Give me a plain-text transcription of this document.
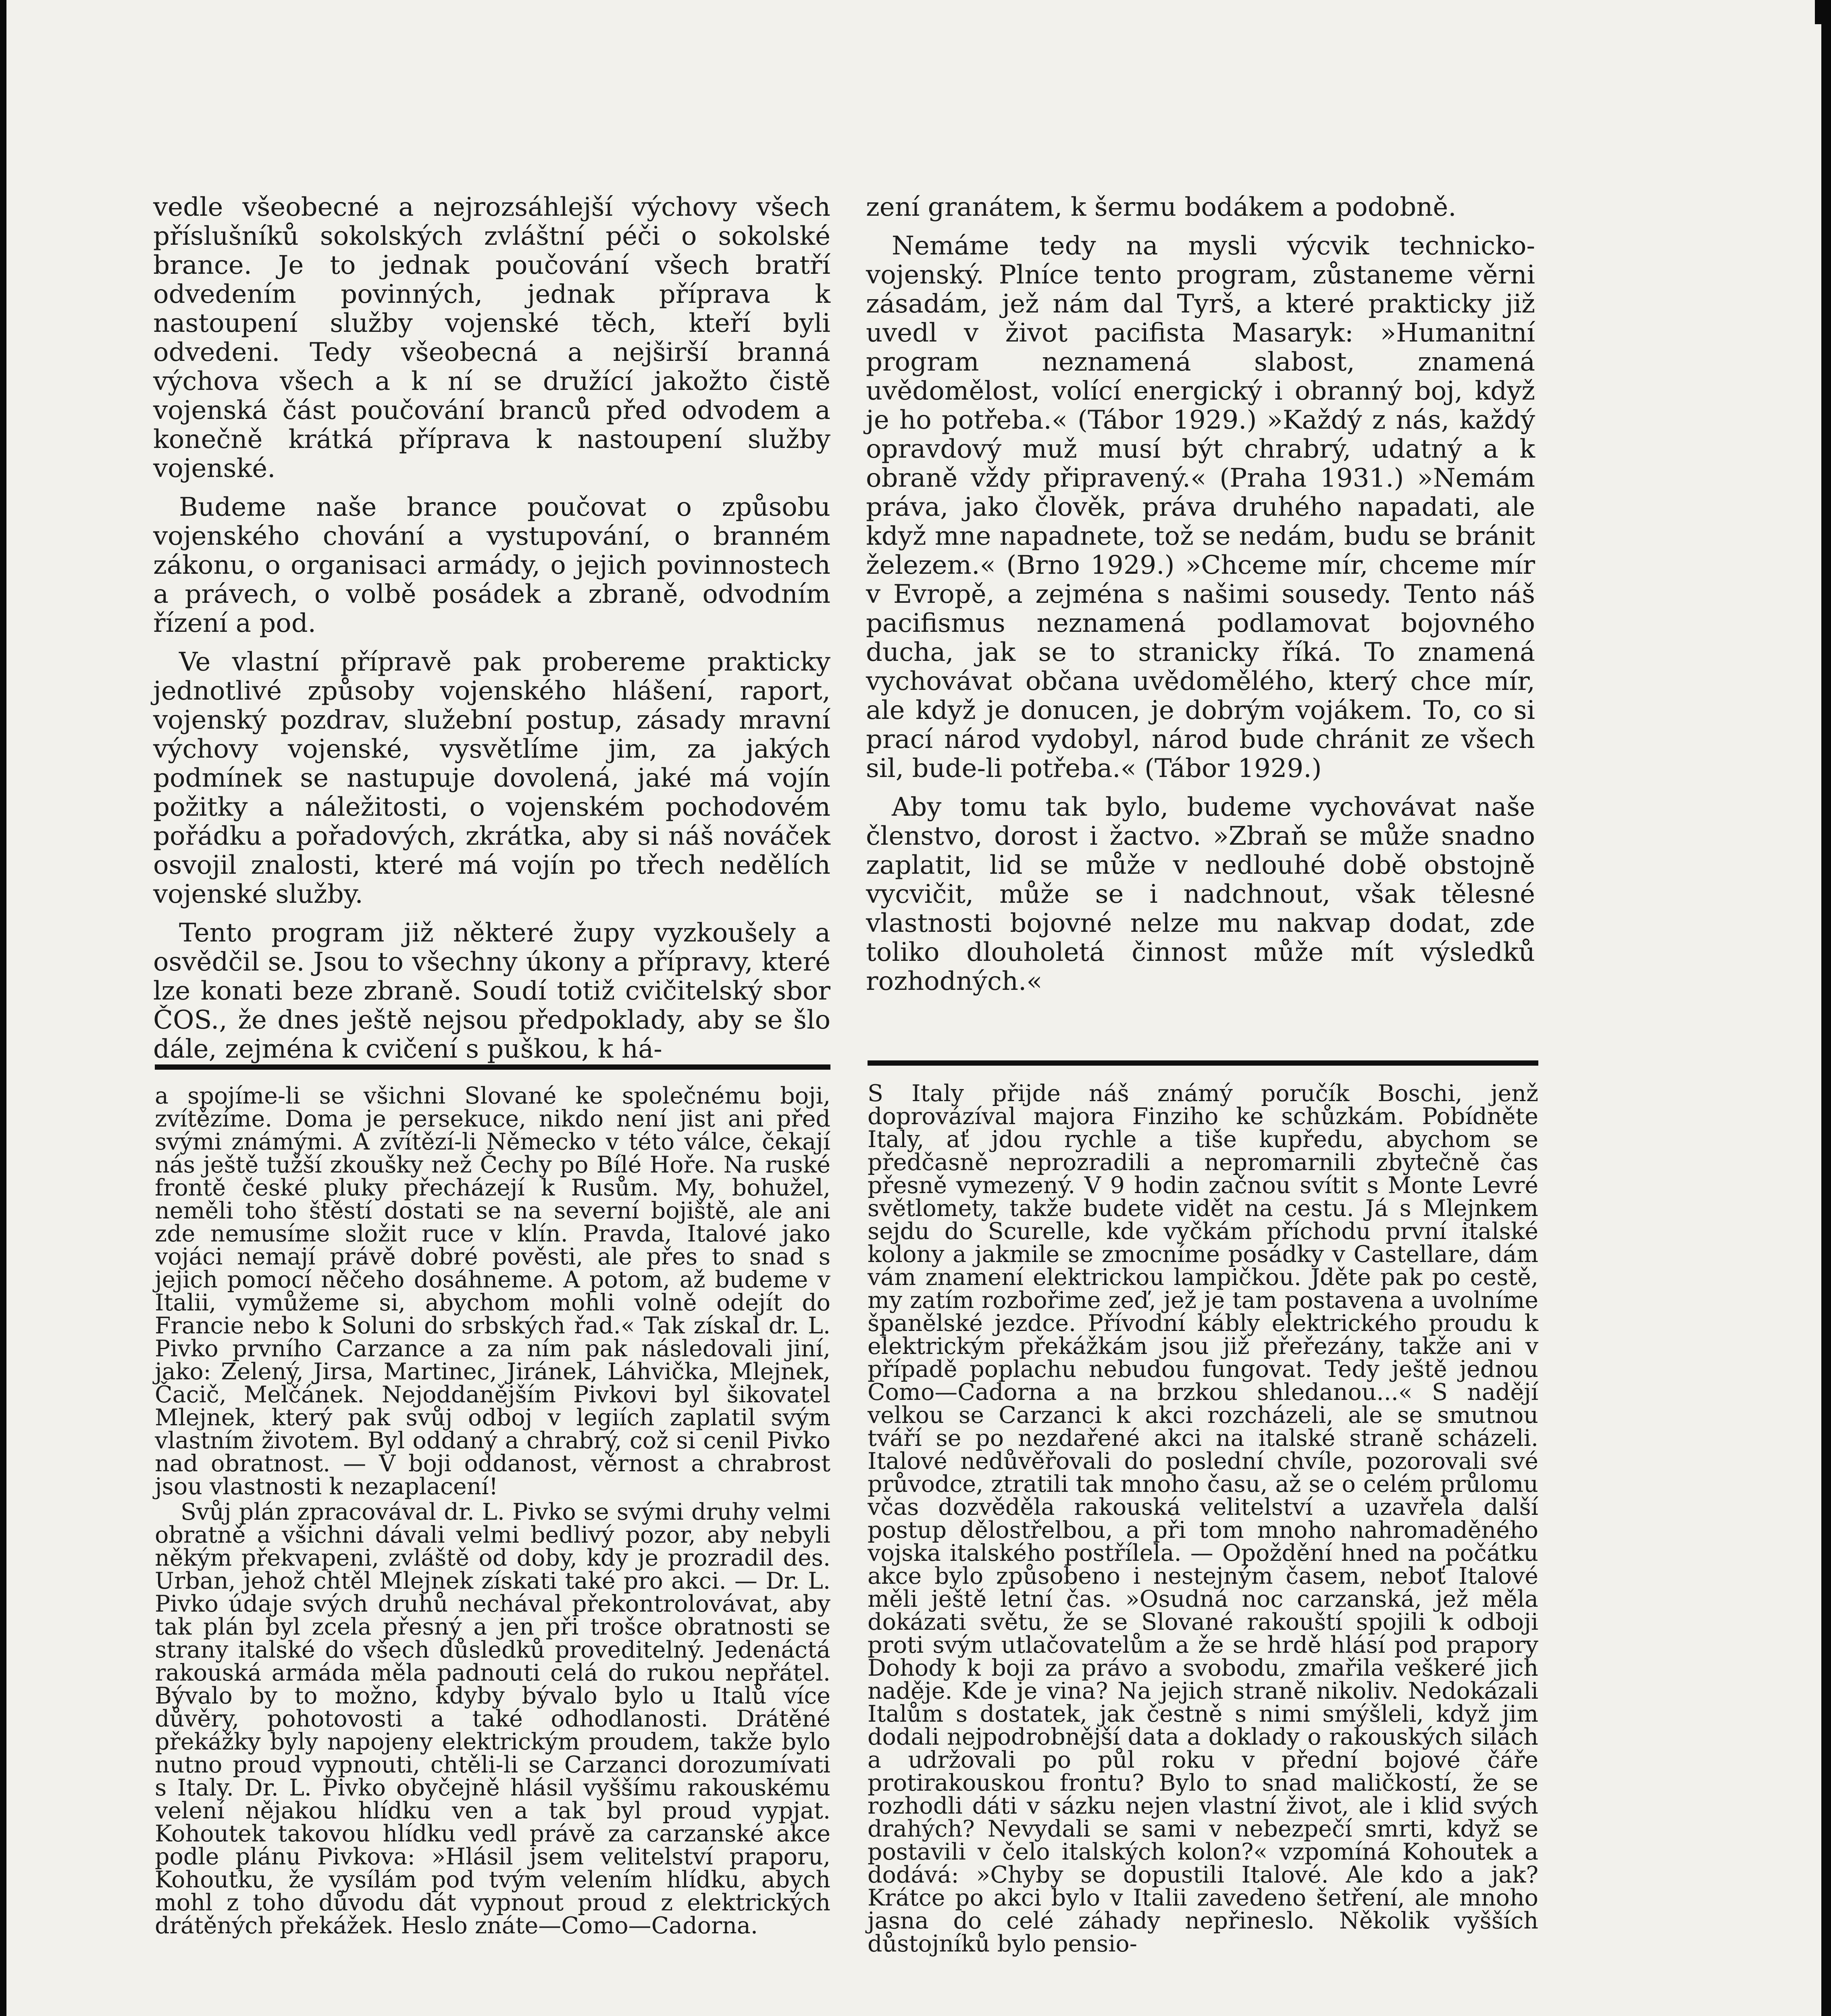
vedle všeobecné a nejrozsáhlejší výchovy všech příslušníků sokolských zvláštní péči o sokolské brance. Je to jednak poučování všech bratří odvedením povinných, jednak příprava k nastoupení služby vojenské těch, kteří byli odvedeni. Tedy všeobecná a nejširší branná výchova všech a k ní se družící jakožto čistě vojenská část poučování branců před odvodem a konečně krátká příprava k nastoupení služby vojenské.

Budeme naše brance poučovat o způsobu vojenského chování a vystupování, o branném zákonu, o organisaci armády, o jejich povinnostech a právech, o volbě posádek a zbraně, odvodním řízení a pod.

Ve vlastní přípravě pak probereme prakticky jednotlivé způsoby vojenského hlášení, raport, vojenský pozdrav, služební postup, zásady mravní výchovy vojenské, vysvětlíme jim, za jakých podmínek se nastupuje dovolená, jaké má vojín požitky a náležitosti, o vojenském pochodovém pořádku a pořadových, zkrátka, aby si náš nováček osvojil znalosti, které má vojín po třech nedělích vojenské služby.

Tento program již některé župy vyzkoušely a osvědčil se. Jsou to všechny úkony a přípravy, které lze konati beze zbraně. Soudí totiž cvičitelský sbor ČOS., že dnes ještě nejsou předpoklady, aby se šlo dále, zejména k cvičení s puškou, k há-

zení granátem, k šermu bodákem a podobně.

Nemáme tedy na mysli výcvik technicko-vojenský. Plníce tento program, zůstaneme věrni zásadám, jež nám dal Tyrš, a které prakticky již uvedl v život pacifista Masaryk: »Humanitní program neznamená slabost, znamená uvědomělost, volící energický i obranný boj, když je ho potřeba.« (Tábor 1929.) »Každý z nás, každý opravdový muž musí být chrabrý, udatný a k obraně vždy připravený.« (Praha 1931.) »Nemám práva, jako člověk, práva druhého napadati, ale když mne napadnete, tož se nedám, budu se bránit železem.« (Brno 1929.) »Chceme mír, chceme mír v Evropě, a zejména s našimi sousedy. Tento náš pacifismus neznamená podlamovat bojovného ducha, jak se to stranicky říká. To znamená vychovávat občana uvědomělého, který chce mír, ale když je donucen, je dobrým vojákem. To, co si prací národ vydobyl, národ bude chránit ze všech sil, bude-li potřeba.« (Tábor 1929.)

Aby tomu tak bylo, budeme vychovávat naše členstvo, dorost i žactvo. »Zbraň se může snadno zaplatit, lid se může v nedlouhé době obstojně vycvičit, může se i nadchnout, však tělesné vlastnosti bojovné nelze mu nakvap dodat, zde toliko dlouholetá činnost může mít výsledků rozhodných.«

a spojíme-li se všichni Slované ke společnému boji, zvítězíme. Doma je persekuce, nikdo není jist ani před svými známými. A zvítězí-li Německo v této válce, čekají nás ještě tužší zkoušky než Čechy po Bílé Hoře. Na ruské frontě české pluky přecházejí k Rusům. My, bohužel, neměli toho štěstí dostati se na severní bojiště, ale ani zde nemusíme složit ruce v klín. Pravda, Italové jako vojáci nemají právě dobré pověsti, ale přes to snad s jejich pomocí něčeho dosáhneme. A potom, až budeme v Italii, vymůžeme si, abychom mohli volně odejít do Francie nebo k Soluni do srbských řad.« Tak získal dr. L. Pivko prvního Carzance a za ním pak následovali jiní, jako: Zelený, Jirsa, Martinec, Jiránek, Láhvička, Mlejnek, Čacič, Melčánek. Nejoddanějším Pivkovi byl šikovatel Mlejnek, který pak svůj odboj v legiích zaplatil svým vlastním životem. Byl oddaný a chrabrý, což si cenil Pivko nad obratnost. — V boji oddanost, věrnost a chrabrost jsou vlastnosti k nezaplacení!

Svůj plán zpracovával dr. L. Pivko se svými druhy velmi obratně a všichni dávali velmi bedlivý pozor, aby nebyli někým překvapeni, zvláště od doby, kdy je prozradil des. Urban, jehož chtěl Mlejnek získati také pro akci. — Dr. L. Pivko údaje svých druhů nechával překontrolovávat, aby tak plán byl zcela přesný a jen při trošce obratnosti se strany italské do všech důsledků proveditelný. Jedenáctá rakouská armáda měla padnouti celá do rukou nepřátel. Bývalo by to možno, kdyby bývalo bylo u Italů více důvěry, pohotovosti a také odhodlanosti. Drátěné překážky byly napojeny elektrickým proudem, takže bylo nutno proud vypnouti, chtěli-li se Carzanci dorozumívati s Italy. Dr. L. Pivko obyčejně hlásil vyššímu rakouskému velení nějakou hlídku ven a tak byl proud vypjat. Kohoutek takovou hlídku vedl právě za carzanské akce podle plánu Pivkova: »Hlásil jsem velitelství praporu, Kohoutku, že vysílám pod tvým velením hlídku, abych mohl z toho důvodu dát vypnout proud z elektrických drátěných překážek. Heslo znáte—Como—Cadorna.

S Italy přijde náš známý poručík Boschi, jenž doprovázíval majora Finziho ke schůzkám. Pobídněte Italy, ať jdou rychle a tiše kupředu, abychom se předčasně neprozradili a nepromarnili zbytečně čas přesně vymezený. V 9 hodin začnou svítit s Monte Levré světlomety, takže budete vidět na cestu. Já s Mlejnkem sejdu do Scurelle, kde vyčkám příchodu první italské kolony a jakmile se zmocníme posádky v Castellare, dám vám znamení elektrickou lampičkou. Jděte pak po cestě, my zatím rozbořime zeď, jež je tam postavena a uvolníme španělské jezdce. Přívodní kábly elektrického proudu k elektrickým překážkám jsou již přeřezány, takže ani v případě poplachu nebudou fungovat. Tedy ještě jednou Como—Cadorna a na brzkou shledanou...« S nadějí velkou se Carzanci k akci rozcházeli, ale se smutnou tváří se po nezdařené akci na italské straně scházeli. Italové nedůvěřovali do poslední chvíle, pozorovali své průvodce, ztratili tak mnoho času, až se o celém průlomu včas dozvěděla rakouská velitelství a uzavřela další postup dělostřelbou, a při tom mnoho nahromaděného vojska italského postřílela. — Opoždění hned na počátku akce bylo způsobeno i nestejným časem, neboť Italové měli ještě letní čas. »Osudná noc carzanská, jež měla dokázati světu, že se Slované rakouští spojili k odboji proti svým utlačovatelům a že se hrdě hlásí pod prapory Dohody k boji za právo a svobodu, zmařila veškeré jich naděje. Kde je vina? Na jejich straně nikoliv. Nedokázali Italům s dostatek, jak čestně s nimi smýšleli, když jim dodali nejpodrobnější data a doklady o rakouských silách a udržovali po půl roku v přední bojové čáře protirakouskou frontu? Bylo to snad maličkostí, že se rozhodli dáti v sázku nejen vlastní život, ale i klid svých drahých? Nevydali se sami v nebezpečí smrti, když se postavili v čelo italských kolon?« vzpomíná Kohoutek a dodává: »Chyby se dopustili Italové. Ale kdo a jak? Krátce po akci bylo v Italii zavedeno šetření, ale mnoho jasna do celé záhady nepřineslo. Několik vyšších důstojníků bylo pensio-
